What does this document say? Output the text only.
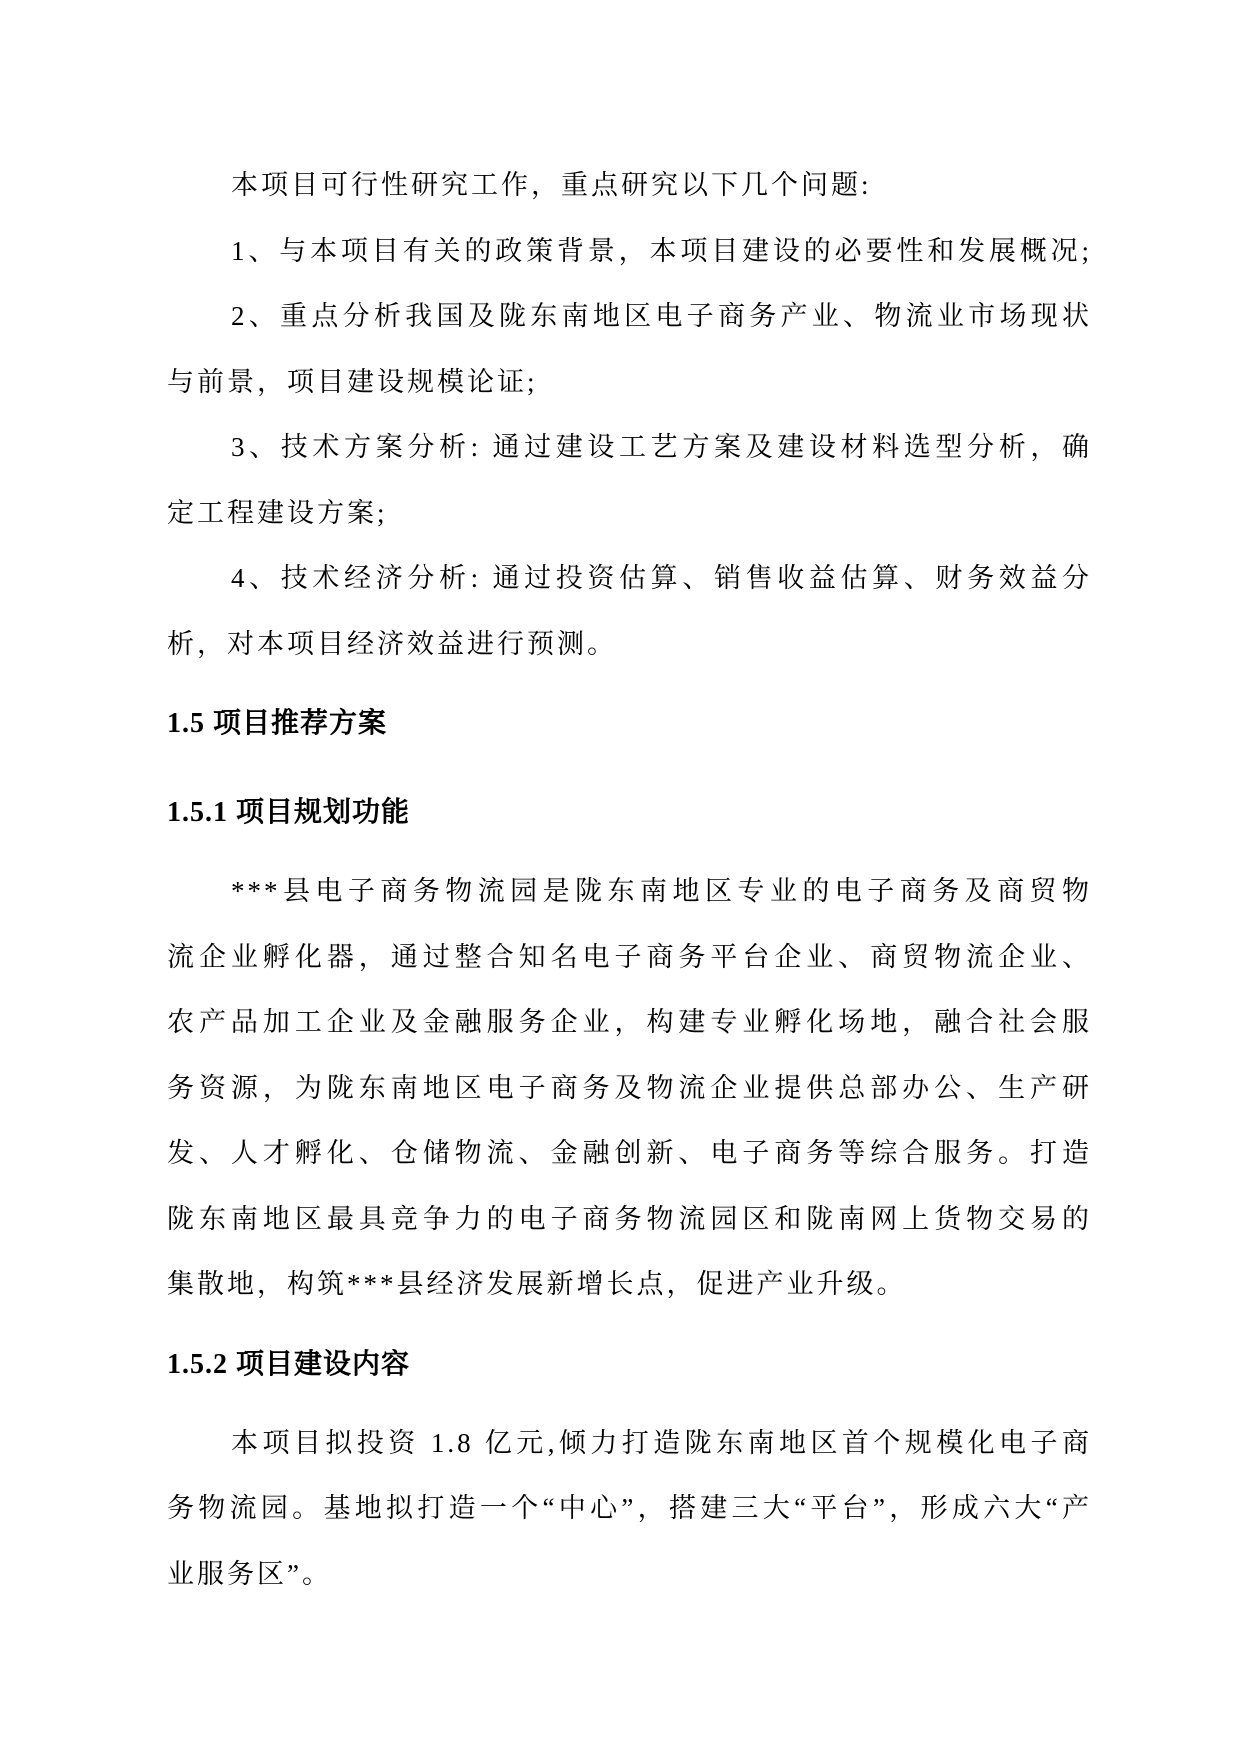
本项目可行性研究工作，重点研究以下几个问题:
1、与本项目有关的政策背景，本项目建设的必要性和发展概况;
2、重点分析我国及陇东南地区电子商务产业、物流业市场现状
与前景，项目建设规模论证;
3、技术方案分析: 通过建设工艺方案及建设材料选型分析，确
定工程建设方案;
4、技术经济分析: 通过投资估算、销售收益估算、财务效益分
析，对本项目经济效益进行预测。
1.5 项目推荐方案
1.5.1 项目规划功能
***县电子商务物流园是陇东南地区专业的电子商务及商贸物
流企业孵化器，通过整合知名电子商务平台企业、商贸物流企业、
农产品加工企业及金融服务企业，构建专业孵化场地，融合社会服
务资源，为陇东南地区电子商务及物流企业提供总部办公、生产研
发、人才孵化、仓储物流、金融创新、电子商务等综合服务。打造
陇东南地区最具竞争力的电子商务物流园区和陇南网上货物交易的
集散地，构筑***县经济发展新增长点，促进产业升级。
1.5.2 项目建设内容
本项目拟投资 1.8 亿元,倾力打造陇东南地区首个规模化电子商
务物流园。基地拟打造一个“中心”，搭建三大“平台”，形成六大“产
业服务区”。
